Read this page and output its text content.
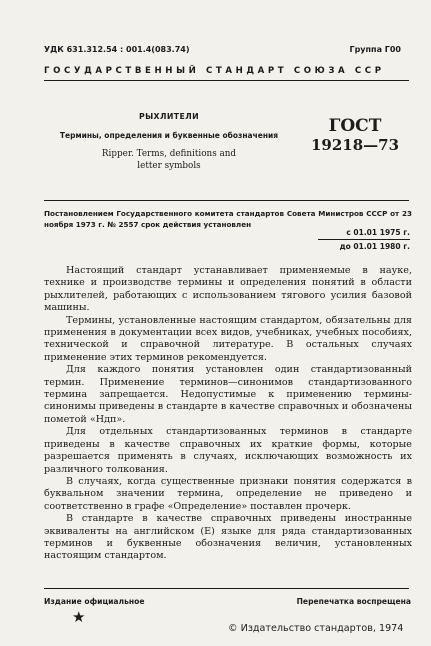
УДК 631.312.54 : 001.4(083.74)	Группа Г00
ГОСУДАРСТВЕННЫЙ СТАНДАРТ СОЮЗА ССР
РЫХЛИТЕЛИ
Термины, определения и буквенные обозначения
Ripper. Terms, definitions and
letter symbols
ГОСТ
19218—73
Постановлением Государственного комитета стандартов Совета Министров СССР от 23 ноября 1973 г. № 2557 срок действия установлен
с 01.01 1975 г.
до 01.01 1980 г.

Настоящий стандарт устанавливает применяемые в науке, технике и производстве термины и определения понятий в области рыхлителей, работающих с использованием тягового усилия базовой машины.

Термины, установленные настоящим стандартом, обязательны для применения в документации всех видов, учебниках, учебных пособиях, технической и справочной литературе. В остальных случаях применение этих терминов рекомендуется.

Для каждого понятия установлен один стандартизованный термин. Применение терминов—синонимов стандартизованного термина запрещается. Недопустимые к применению термины-синонимы приведены в стандарте в качестве справочных и обозначены пометой «Ндп».

Для отдельных стандартизованных терминов в стандарте приведены в качестве справочных их краткие формы, которые разрешается применять в случаях, исключающих возможность их различного толкования.

В случаях, когда существенные признаки понятия содержатся в буквальном значении термина, определение не приведено и соответственно в графе «Определение» поставлен прочерк.

В стандарте в качестве справочных приведены иностранные эквиваленты на английском (Е) языке для ряда стандартизованных терминов и буквенные обозначения величин, установленных настоящим стандартом.

Издание официальное	Перепечатка воспрещена
★
© Издательство стандартов, 1974
